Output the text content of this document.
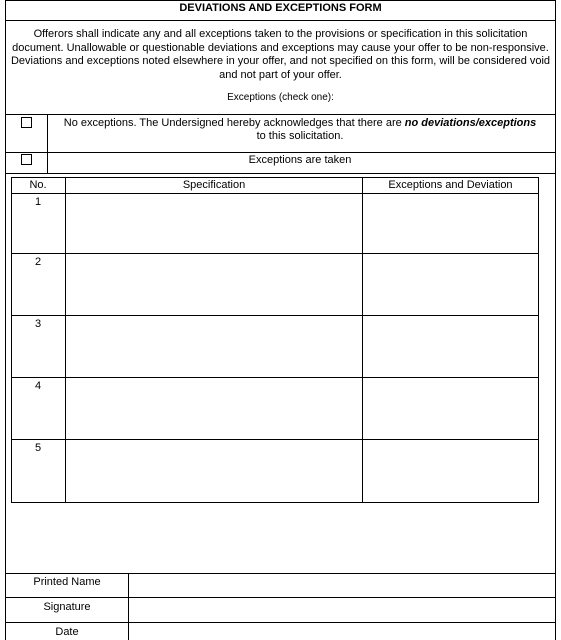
DEVIATIONS AND EXCEPTIONS FORM
Offerors shall indicate any and all exceptions taken to the provisions or specification in this solicitation document. Unallowable or questionable deviations and exceptions may cause your offer to be non-responsive. Deviations and exceptions noted elsewhere in your offer, and not specified on this form, will be considered void and not part of your offer.
Exceptions (check one):
No exceptions. The Undersigned hereby acknowledges that there are no deviations/exceptions to this solicitation.
Exceptions are taken
No.	Specification	Exceptions and Deviation
1
2
3
4
5
Printed Name
Signature
Date
